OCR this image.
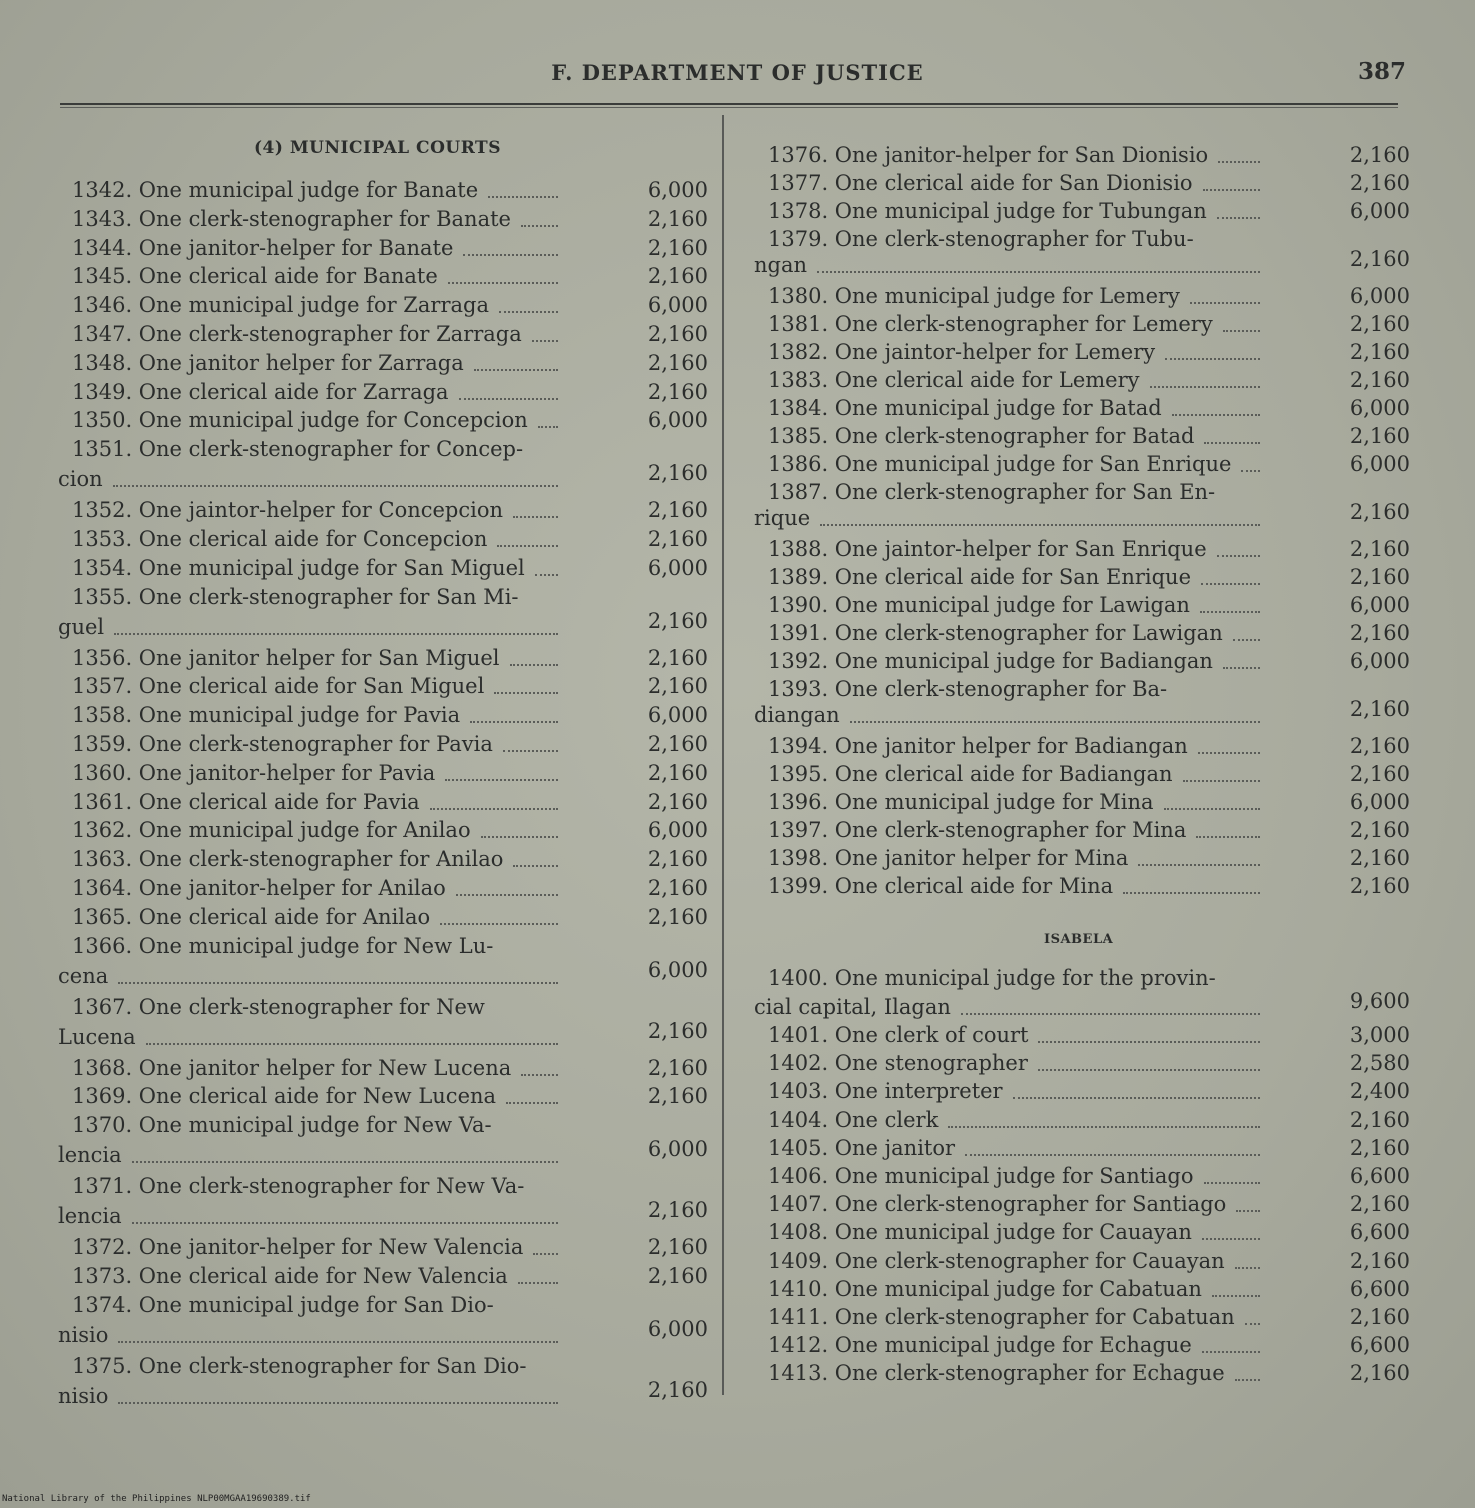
F. DEPARTMENT OF JUSTICE	387
(4) MUNICIPAL COURTS
1342. One municipal judge for Banate	6,000
1343. One clerk-stenographer for Banate	2,160
1344. One janitor-helper for Banate	2,160
1345. One clerical aide for Banate	2,160
1346. One municipal judge for Zarraga	6,000
1347. One clerk-stenographer for Zarraga	2,160
1348. One janitor helper for Zarraga	2,160
1349. One clerical aide for Zarraga	2,160
1350. One municipal judge for Concepcion	6,000
1351. One clerk-stenographer for Concep-
cion	2,160
1352. One jaintor-helper for Concepcion	2,160
1353. One clerical aide for Concepcion	2,160
1354. One municipal judge for San Miguel	6,000
1355. One clerk-stenographer for San Mi-
guel	2,160
1356. One janitor helper for San Miguel	2,160
1357. One clerical aide for San Miguel	2,160
1358. One municipal judge for Pavia	6,000
1359. One clerk-stenographer for Pavia	2,160
1360. One janitor-helper for Pavia	2,160
1361. One clerical aide for Pavia	2,160
1362. One municipal judge for Anilao	6,000
1363. One clerk-stenographer for Anilao	2,160
1364. One janitor-helper for Anilao	2,160
1365. One clerical aide for Anilao	2,160
1366. One municipal judge for New Lu-
cena	6,000
1367. One clerk-stenographer for New
Lucena	2,160
1368. One janitor helper for New Lucena	2,160
1369. One clerical aide for New Lucena	2,160
1370. One municipal judge for New Va-
lencia	6,000
1371. One clerk-stenographer for New Va-
lencia	2,160
1372. One janitor-helper for New Valencia	2,160
1373. One clerical aide for New Valencia	2,160
1374. One municipal judge for San Dio-
nisio	6,000
1375. One clerk-stenographer for San Dio-
nisio	2,160
ISABELA
1376. One janitor-helper for San Dionisio	2,160
1377. One clerical aide for San Dionisio	2,160
1378. One municipal judge for Tubungan	6,000
1379. One clerk-stenographer for Tubu-
ngan	2,160
1380. One municipal judge for Lemery	6,000
1381. One clerk-stenographer for Lemery	2,160
1382. One jaintor-helper for Lemery	2,160
1383. One clerical aide for Lemery	2,160
1384. One municipal judge for Batad	6,000
1385. One clerk-stenographer for Batad	2,160
1386. One municipal judge for San Enrique	6,000
1387. One clerk-stenographer for San En-
rique	2,160
1388. One jaintor-helper for San Enrique	2,160
1389. One clerical aide for San Enrique	2,160
1390. One municipal judge for Lawigan	6,000
1391. One clerk-stenographer for Lawigan	2,160
1392. One municipal judge for Badiangan	6,000
1393. One clerk-stenographer for Ba-
diangan	2,160
1394. One janitor helper for Badiangan	2,160
1395. One clerical aide for Badiangan	2,160
1396. One municipal judge for Mina	6,000
1397. One clerk-stenographer for Mina	2,160
1398. One janitor helper for Mina	2,160
1399. One clerical aide for Mina	2,160
1400. One municipal judge for the provin-
cial capital, Ilagan	9,600
1401. One clerk of court	3,000
1402. One stenographer	2,580
1403. One interpreter	2,400
1404. One clerk	2,160
1405. One janitor	2,160
1406. One municipal judge for Santiago	6,600
1407. One clerk-stenographer for Santiago	2,160
1408. One municipal judge for Cauayan	6,600
1409. One clerk-stenographer for Cauayan	2,160
1410. One municipal judge for Cabatuan	6,600
1411. One clerk-stenographer for Cabatuan	2,160
1412. One municipal judge for Echague	6,600
1413. One clerk-stenographer for Echague	2,160
National Library of the Philippines NLP00MGAA19690389.tif
